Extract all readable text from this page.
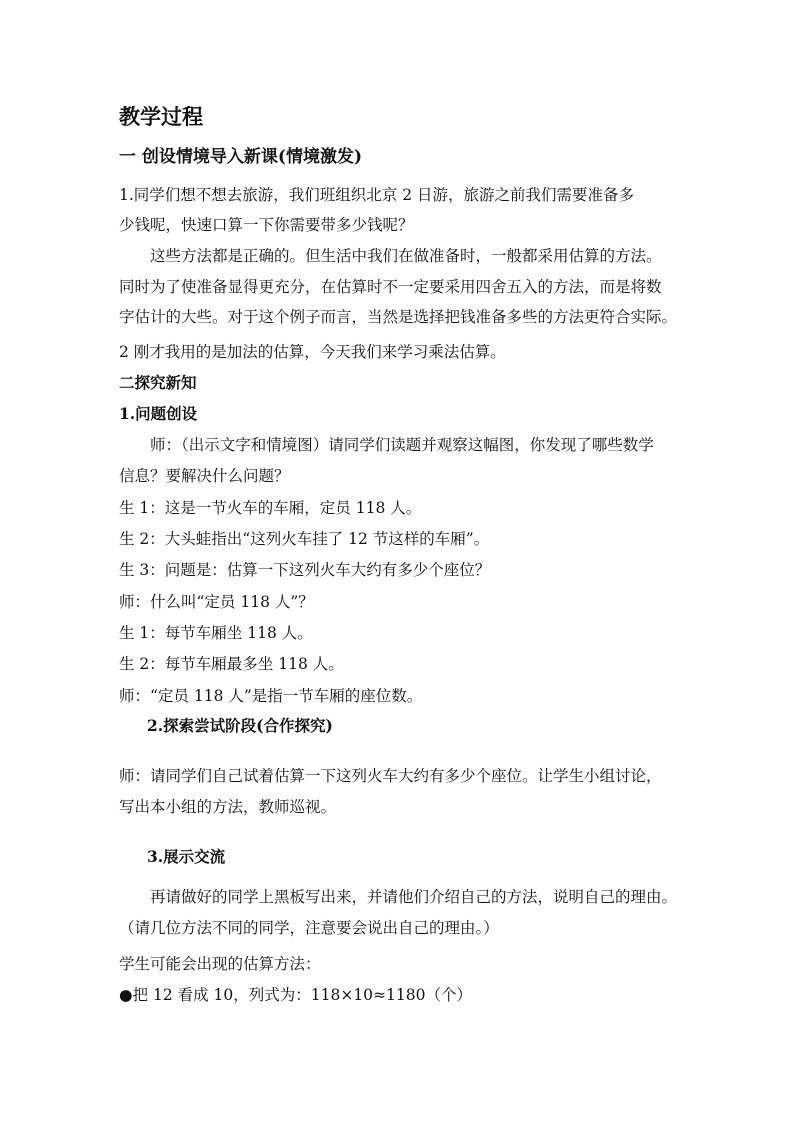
教学过程
一 创设情境导入新课(情境激发)
1.同学们想不想去旅游，我们班组织北京 2 日游，旅游之前我们需要准备多
少钱呢，快速口算一下你需要带多少钱呢？
　　这些方法都是正确的。但生活中我们在做准备时，一般都采用估算的方法。
同时为了使准备显得更充分，在估算时不一定要采用四舍五入的方法，而是将数
字估计的大些。对于这个例子而言，当然是选择把钱准备多些的方法更符合实际。
2 刚才我用的是加法的估算，今天我们来学习乘法估算。
二探究新知
1.问题创设
　　师：（出示文字和情境图）请同学们读题并观察这幅图，你发现了哪些数学
信息？要解决什么问题？
生 1：这是一节火车的车厢，定员 118 人。
生 2：大头蛙指出“这列火车挂了 12 节这样的车厢”。
生 3：问题是：估算一下这列火车大约有多少个座位？
师：什么叫“定员 118 人”？
生 1：每节车厢坐 118 人。
生 2：每节车厢最多坐 118 人。
师：“定员 118 人”是指一节车厢的座位数。
2.探索尝试阶段(合作探究)
师：请同学们自己试着估算一下这列火车大约有多少个座位。让学生小组讨论，
写出本小组的方法，教师巡视。
3.展示交流
　　再请做好的同学上黑板写出来，并请他们介绍自己的方法，说明自己的理由。
（请几位方法不同的同学，注意要会说出自己的理由。）
学生可能会出现的估算方法：
●把 12 看成 10，列式为：118×10≈1180（个）
